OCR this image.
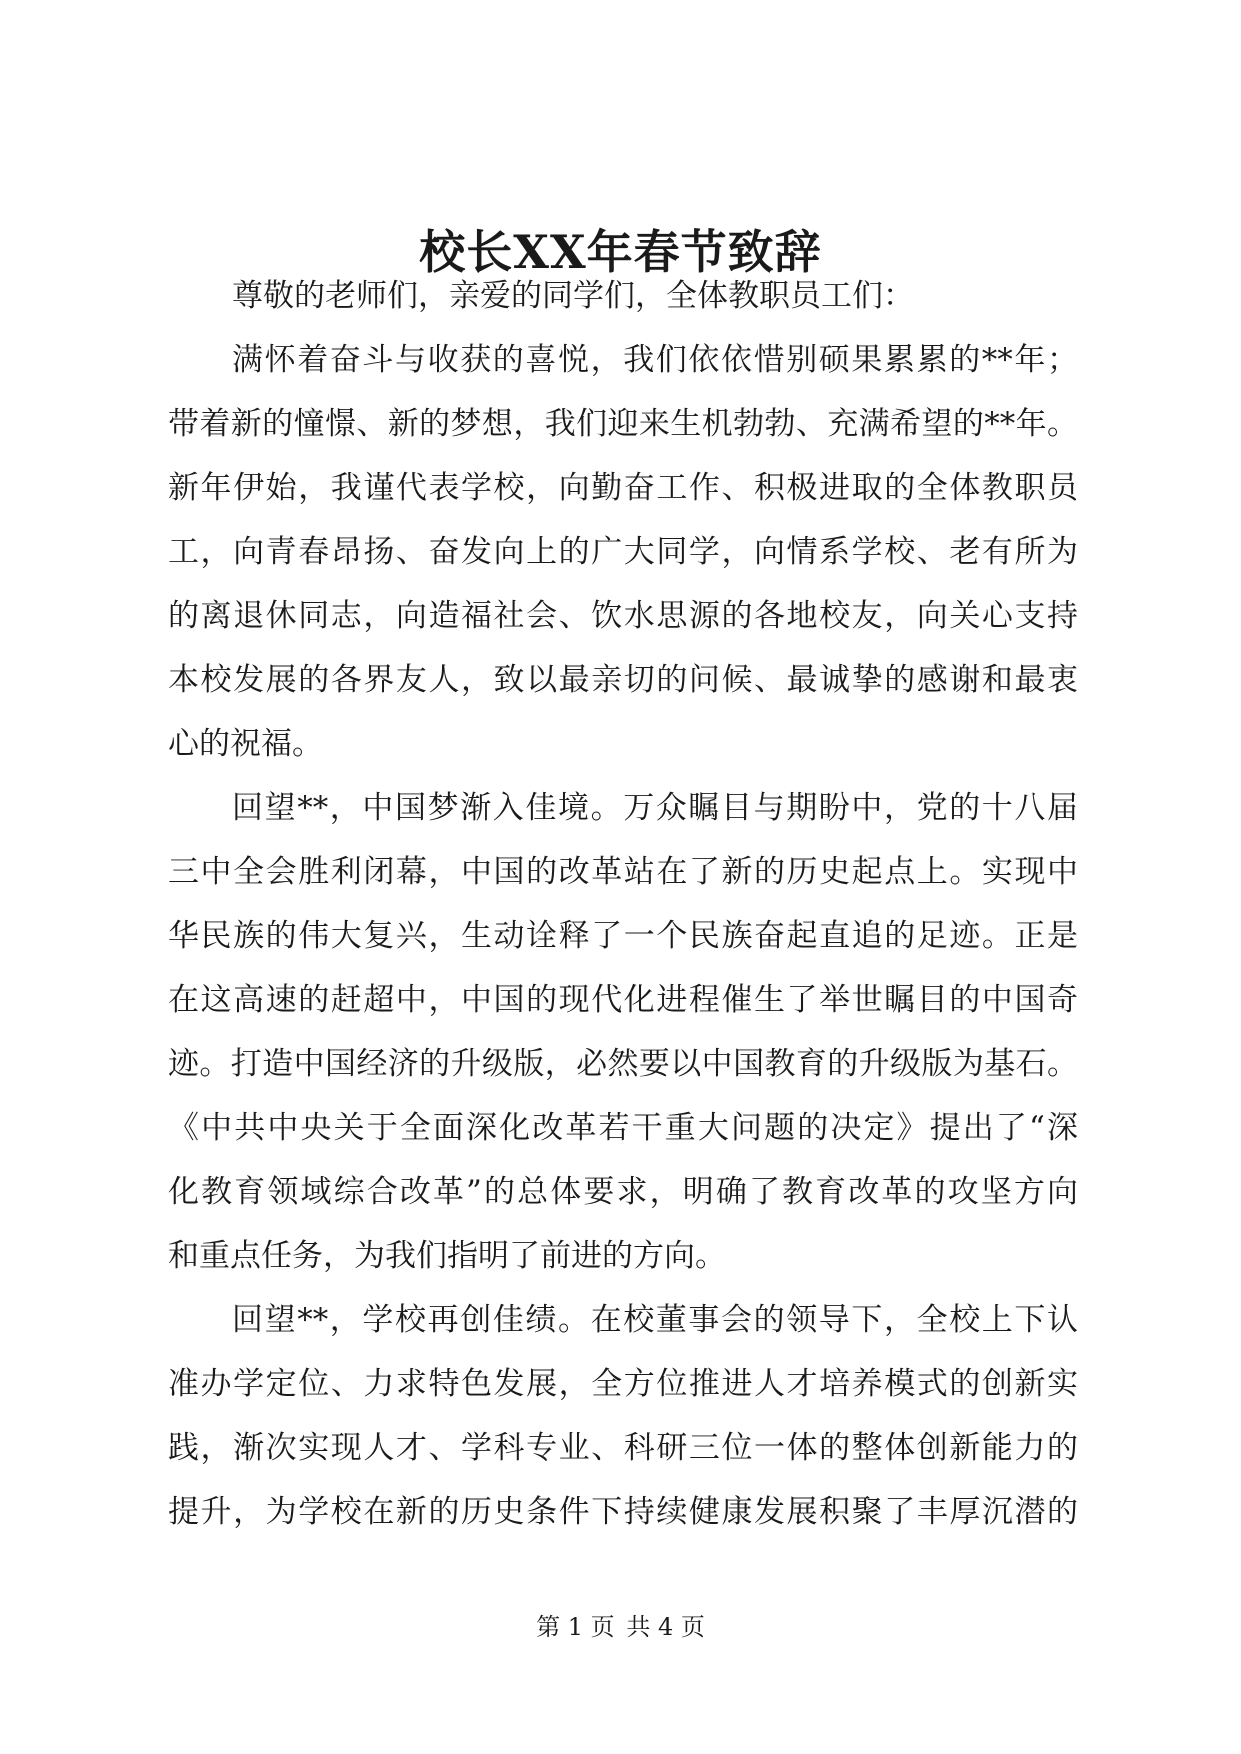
校长XX年春节致辞
尊敬的老师们，亲爱的同学们，全体教职员工们：
满怀着奋斗与收获的喜悦，我们依依惜别硕果累累的**年；
带着新的憧憬、新的梦想，我们迎来生机勃勃、充满希望的**年。
新年伊始，我谨代表学校，向勤奋工作、积极进取的全体教职员
工，向青春昂扬、奋发向上的广大同学，向情系学校、老有所为
的离退休同志，向造福社会、饮水思源的各地校友，向关心支持
本校发展的各界友人，致以最亲切的问候、最诚挚的感谢和最衷
心的祝福。
回望**，中国梦渐入佳境。万众瞩目与期盼中，党的十八届
三中全会胜利闭幕，中国的改革站在了新的历史起点上。实现中
华民族的伟大复兴，生动诠释了一个民族奋起直追的足迹。正是
在这高速的赶超中，中国的现代化进程催生了举世瞩目的中国奇
迹。打造中国经济的升级版，必然要以中国教育的升级版为基石。
《中共中央关于全面深化改革若干重大问题的决定》提出了“深
化教育领域综合改革”的总体要求，明确了教育改革的攻坚方向
和重点任务，为我们指明了前进的方向。
回望**，学校再创佳绩。在校董事会的领导下，全校上下认
准办学定位、力求特色发展，全方位推进人才培养模式的创新实
践，渐次实现人才、学科专业、科研三位一体的整体创新能力的
提升，为学校在新的历史条件下持续健康发展积聚了丰厚沉潜的
第 1 页 共 4 页
